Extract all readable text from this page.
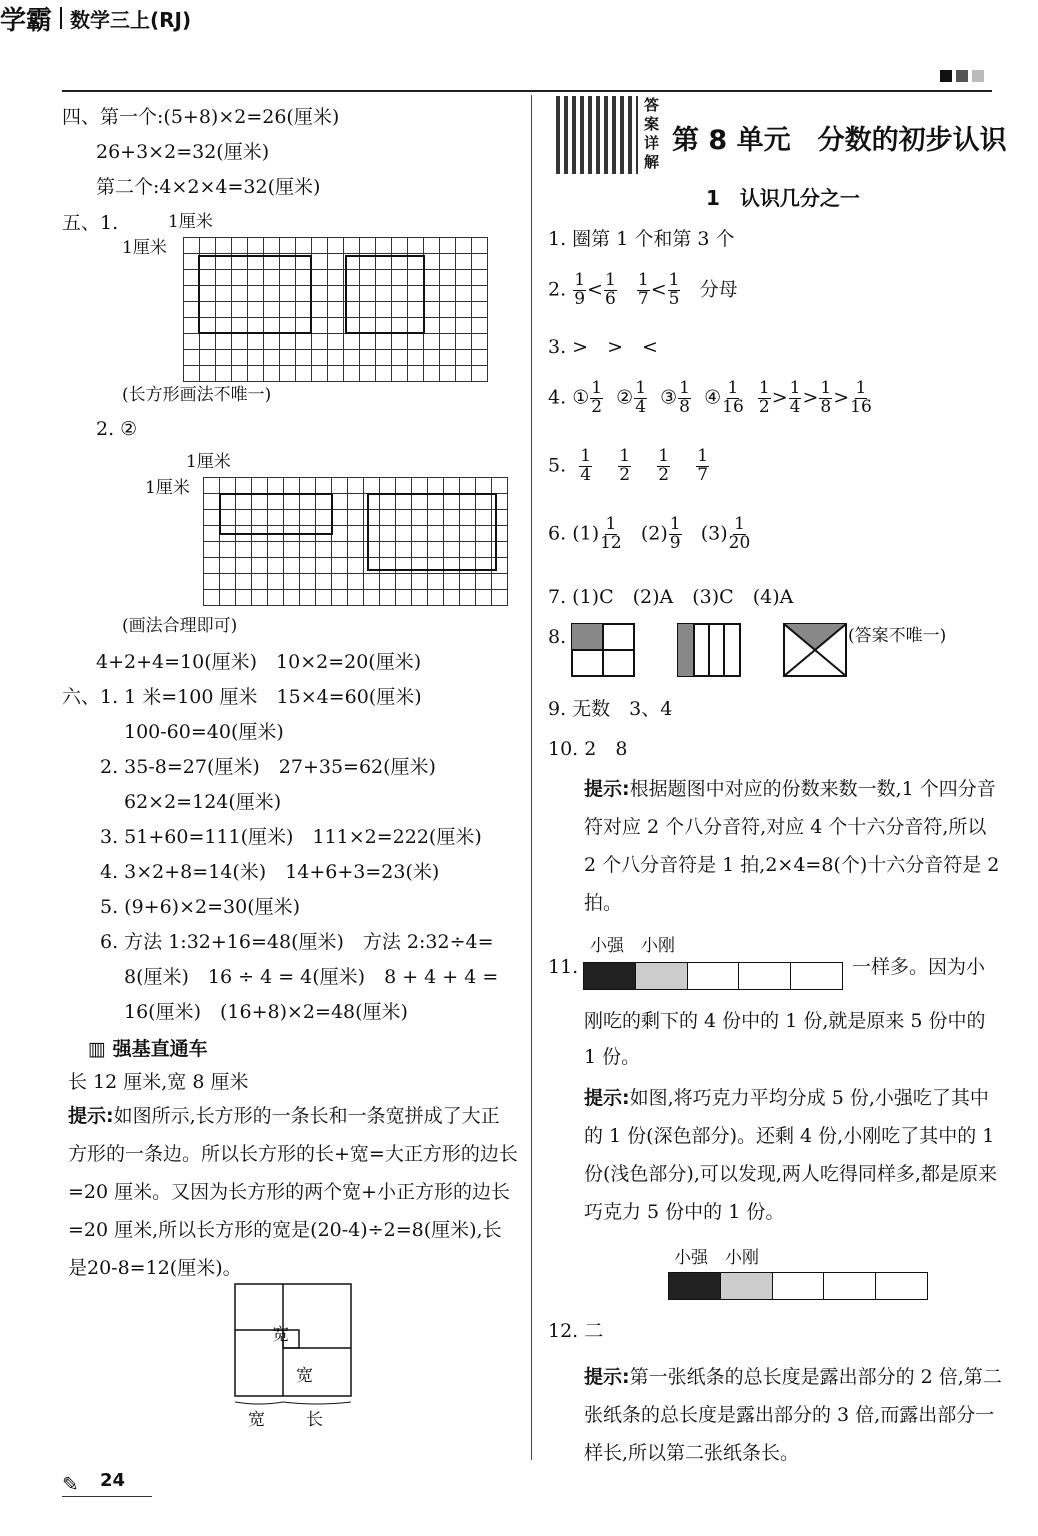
学霸 数学三上(RJ)
四、第一个:(5+8)×2=26(厘米)
26+3×2=32(厘米)
第二个:4×2×4=32(厘米)
五、1.	1厘米
1厘米
(长方形画法不唯一)
2. ②
1厘米
1厘米
(画法合理即可)
4+2+4=10(厘米)　10×2=20(厘米)
六、1. 1 米=100 厘米　15×4=60(厘米)
100-60=40(厘米)
2. 35-8=27(厘米)　27+35=62(厘米)
62×2=124(厘米)
3. 51+60=111(厘米)　111×2=222(厘米)
4. 3×2+8=14(米)　14+6+3=23(米)
5. (9+6)×2=30(厘米)
6. 方法 1:32+16=48(厘米)　方法 2:32÷4=
8(厘米)　16 ÷ 4 = 4(厘米)　8 + 4 + 4 =
16(厘米)　(16+8)×2=48(厘米)
▥ 强基直通车
长 12 厘米,宽 8 厘米
提示:如图所示,长方形的一条长和一条宽拼成了大正方形的一条边。所以长方形的长+宽=大正方形的边长=20 厘米。又因为长方形的两个宽+小正方形的边长=20 厘米,所以长方形的宽是(20-4)÷2=8(厘米),长是20-8=12(厘米)。
宽
宽
宽 长
✎ 24
答案详解
第 8 单元　分数的初步认识
1　认识几分之一
1. 圈第 1 个和第 3 个
2. $\frac{1}{9} < \frac{1}{6}$
$\frac{1}{7} < \frac{1}{5}$ 分母
3. >　>　<
4. ① $\frac{1}{2}$ ② $\frac{1}{4}$ ③ $\frac{1}{8}$ ④ $\frac{1}{16}$
$\frac{1}{2} > \frac{1}{4} > \frac{1}{8} > \frac{1}{16}$
5. $\frac{1}{4}$
$\frac{1}{2}$
$\frac{1}{2}$
$\frac{1}{7}$
6. $(1) \frac{1}{12} (2) \frac{1}{9} (3) \frac{1}{20}$
7. (1)C　(2)A　(3)C　(4)A
8.	(答案不唯一)
9. 无数　3、4
10. 2　8
提示:根据题图中对应的份数来数一数,1 个四分音符对应 2 个八分音符,对应 4 个十六分音符,所以 2 个八分音符是 1 拍,2×4=8(个)十六分音符是 2 拍。
小强　小刚
11.	一样多。因为小
刚吃的剩下的 4 份中的 1 份,就是原来 5 份中的
1 份。
提示:如图,将巧克力平均分成 5 份,小强吃了其中的 1 份(深色部分)。还剩 4 份,小刚吃了其中的 1 份(浅色部分),可以发现,两人吃得同样多,都是原来巧克力 5 份中的 1 份。
小强　小刚
12. 二
提示:第一张纸条的总长度是露出部分的 2 倍,第二张纸条的总长度是露出部分的 3 倍,而露出部分一样长,所以第二张纸条长。
